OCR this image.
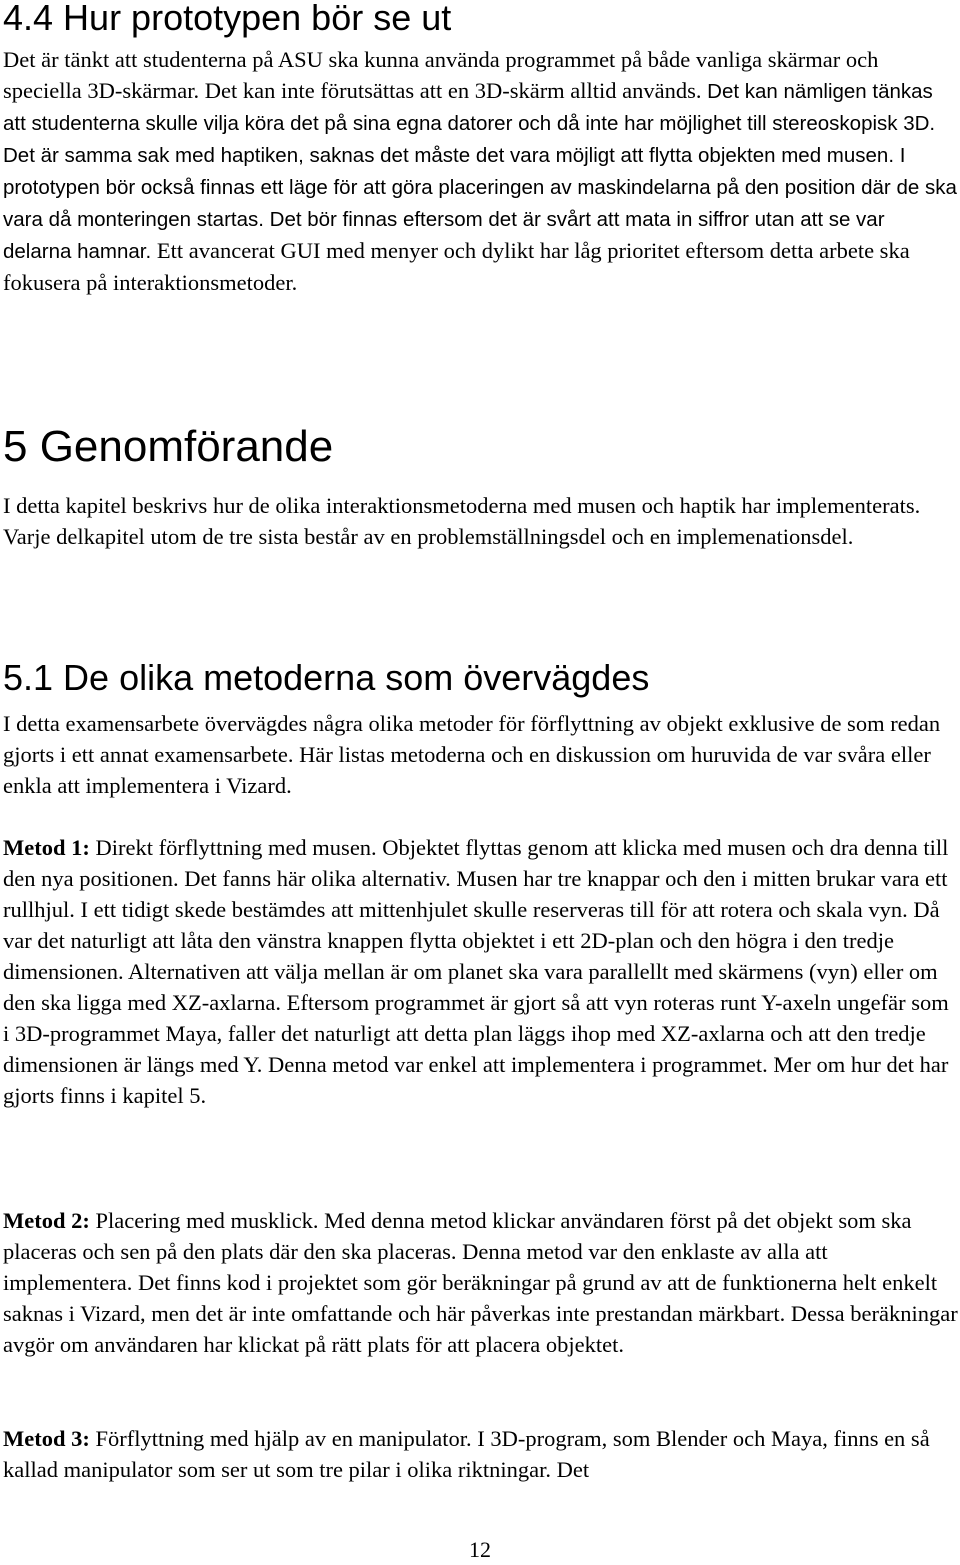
4.4 Hur prototypen bör se ut

Det är tänkt att studenterna på ASU ska kunna använda programmet på både vanliga skärmar och speciella 3D-skärmar. Det kan inte förutsättas att en 3D-skärm alltid används. Det kan nämligen tänkas att studenterna skulle vilja köra det på sina egna datorer och då inte har möjlighet till stereoskopisk 3D. Det är samma sak med haptiken, saknas det måste det vara möjligt att flytta objekten med musen. I prototypen bör också finnas ett läge för att göra placeringen av maskindelarna på den position där de ska vara då monteringen startas. Det bör finnas eftersom det är svårt att mata in siffror utan att se var delarna hamnar. Ett avancerat GUI med menyer och dylikt har låg prioritet eftersom detta arbete ska fokusera på interaktionsmetoder.

5 Genomförande

I detta kapitel beskrivs hur de olika interaktionsmetoderna med musen och haptik har implementerats. Varje delkapitel utom de tre sista består av en problemställningsdel och en implemenationsdel.

5.1 De olika metoderna som övervägdes

I detta examensarbete övervägdes några olika metoder för förflyttning av objekt exklusive de som redan gjorts i ett annat examensarbete. Här listas metoderna och en diskussion om huruvida de var svåra eller enkla att implementera i Vizard.

Metod 1: Direkt förflyttning med musen. Objektet flyttas genom att klicka med musen och dra denna till den nya positionen. Det fanns här olika alternativ. Musen har tre knappar och den i mitten brukar vara ett rullhjul. I ett tidigt skede bestämdes att mittenhjulet skulle reserveras till för att rotera och skala vyn. Då var det naturligt att låta den vänstra knappen flytta objektet i ett 2D-plan och den högra i den tredje dimensionen. Alternativen att välja mellan är om planet ska vara parallellt med skärmens (vyn) eller om den ska ligga med XZ-axlarna. Eftersom programmet är gjort så att vyn roteras runt Y-axeln ungefär som i 3D-programmet Maya, faller det naturligt att detta plan läggs ihop med XZ-axlarna och att den tredje dimensionen är längs med Y. Denna metod var enkel att implementera i programmet. Mer om hur det har gjorts finns i kapitel 5.

Metod 2: Placering med musklick. Med denna metod klickar användaren först på det objekt som ska placeras och sen på den plats där den ska placeras. Denna metod var den enklaste av alla att implementera. Det finns kod i projektet som gör beräkningar på grund av att de funktionerna helt enkelt saknas i Vizard, men det är inte omfattande och här påverkas inte prestandan märkbart. Dessa beräkningar avgör om användaren har klickat på rätt plats för att placera objektet.

Metod 3: Förflyttning med hjälp av en manipulator. I 3D-program, som Blender och Maya, finns en så kallad manipulator som ser ut som tre pilar i olika riktningar. Det

12
